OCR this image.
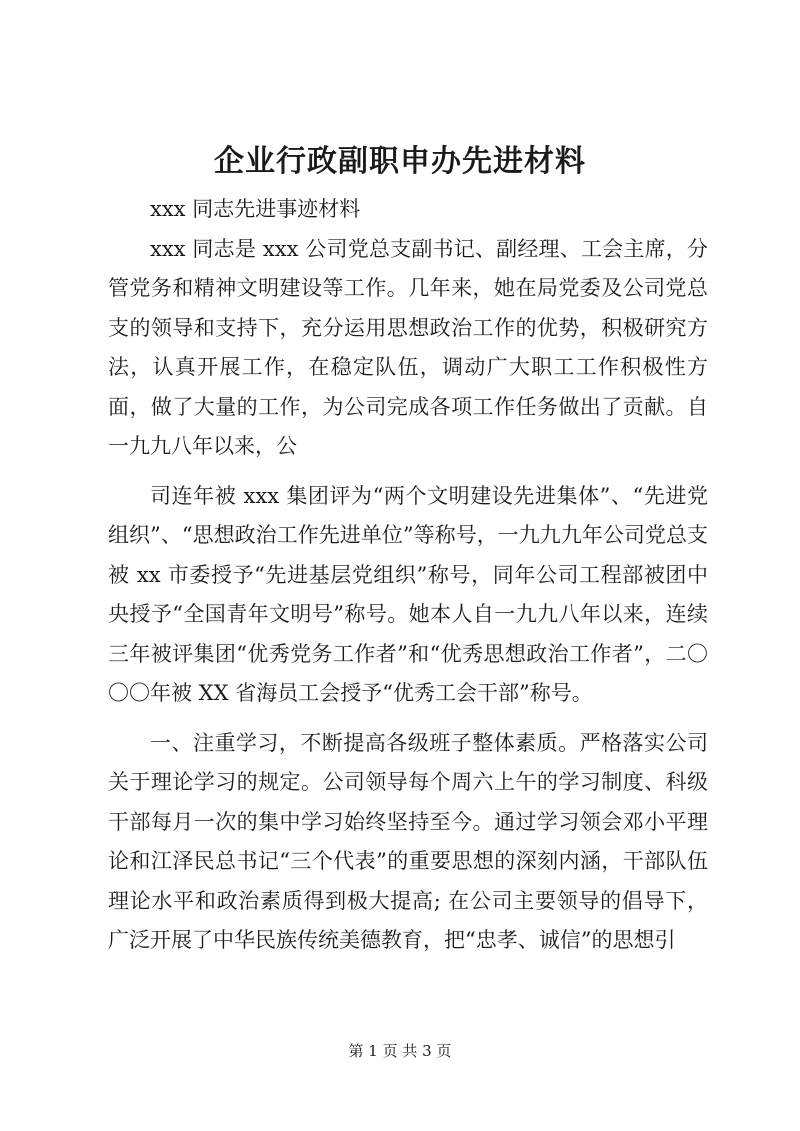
企业行政副职申办先进材料

xxx 同志先进事迹材料

xxx 同志是 xxx 公司党总支副书记、副经理、工会主席，分管党务和精神文明建设等工作。几年来，她在局党委及公司党总支的领导和支持下，充分运用思想政治工作的优势，积极研究方法，认真开展工作，在稳定队伍，调动广大职工工作积极性方面，做了大量的工作，为公司完成各项工作任务做出了贡献。自一九九八年以来，公

司连年被 xxx 集团评为“两个文明建设先进集体”、“先进党组织”、“思想政治工作先进单位”等称号，一九九九年公司党总支被 xx 市委授予“先进基层党组织”称号，同年公司工程部被团中央授予“全国青年文明号”称号。她本人自一九九八年以来，连续三年被评集团“优秀党务工作者”和“优秀思想政治工作者”，二〇〇〇年被 XX 省海员工会授予“优秀工会干部”称号。

一、注重学习，不断提高各级班子整体素质。严格落实公司关于理论学习的规定。公司领导每个周六上午的学习制度、科级干部每月一次的集中学习始终坚持至今。通过学习领会邓小平理论和江泽民总书记“三个代表”的重要思想的深刻内涵，干部队伍理论水平和政治素质得到极大提高; 在公司主要领导的倡导下，广泛开展了中华民族传统美德教育，把“忠孝、诚信”的思想引

第 1 页 共 3 页
